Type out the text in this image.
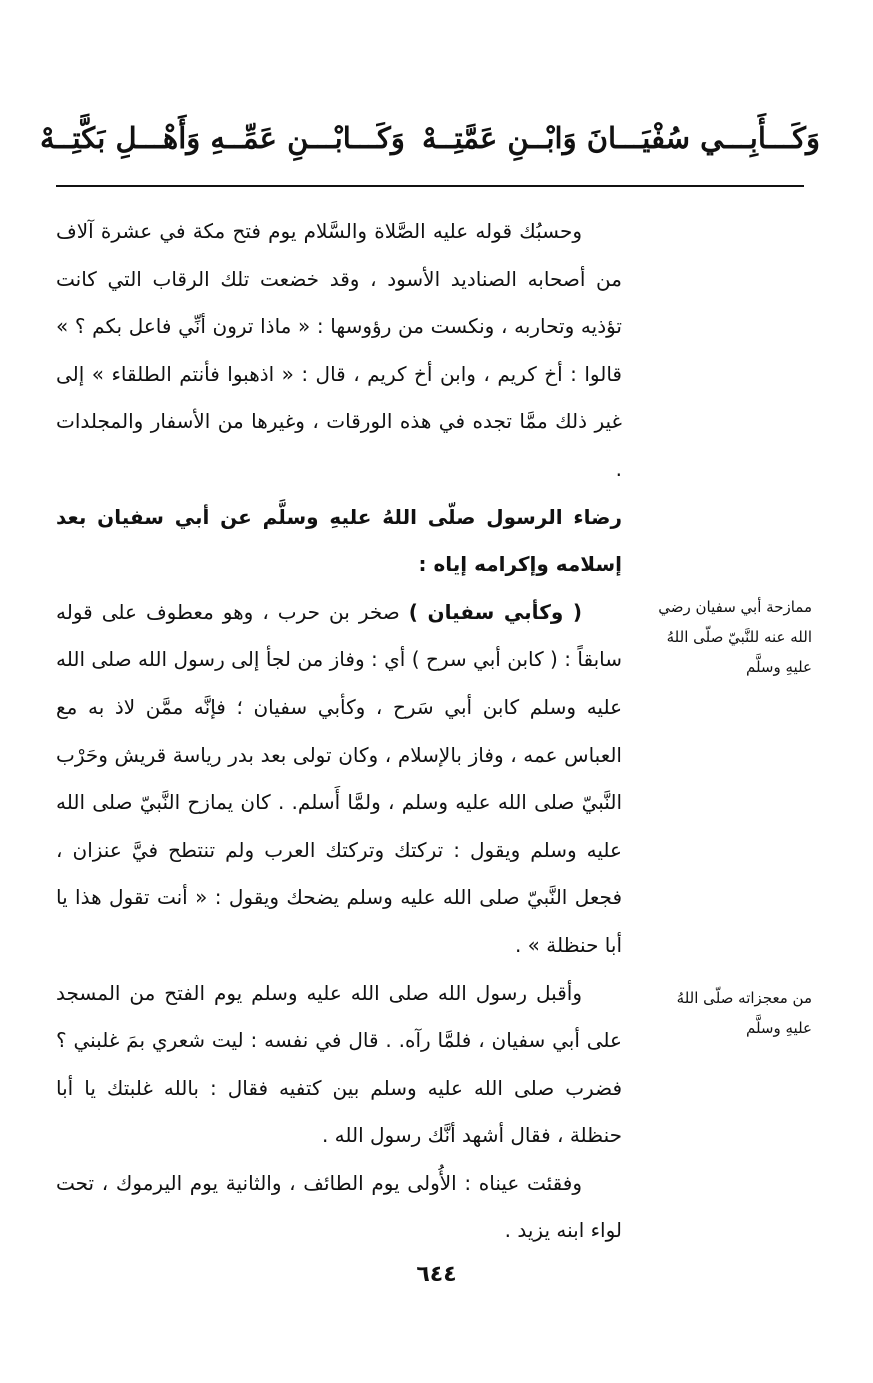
وَكَـــأَبِـــي سُفْيَـــانَ وَابْــنِ عَمَّتِــهْ
وَكَـــابْـــنِ عَمِّــهِ وَأَهْـــلِ بَكَّتِــهْ

وحسبُك قوله عليه الصَّلاة والسَّلام يوم فتح مكة في عشرة آلاف من أصحابه الصناديد الأسود ، وقد خضعت تلك الرقاب التي كانت تؤذيه وتحاربه ، ونكست من رؤوسها : « ماذا ترون أنِّي فاعل بكم ؟ » قالوا : أخ كريم ، وابن أخ كريم ، قال : « اذهبوا فأنتم الطلقاء » إلى غير ذلك ممَّا تجده في هذه الورقات ، وغيرها من الأسفار والمجلدات .

رضاء الرسول صلّى اللهُ عليهِ وسلَّم عن أبي سفيان بعد إسلامه وإكرامه إياه :

( وكأبي سفيان ) صخر بن حرب ، وهو معطوف على قوله سابقاً : ( كابن أبي سرح ) أي : وفاز من لجأ إلى رسول الله صلى الله عليه وسلم كابن أبي سَرح ، وكأبي سفيان ؛ فإنَّه ممَّن لاذ به مع العباس عمه ، وفاز بالإسلام ، وكان تولى بعد بدر رياسة قريش وحَرْب النَّبيّ صلى الله عليه وسلم ، ولمَّا أَسلم. . كان يمازح النَّبيّ صلى الله عليه وسلم ويقول : تركتك وتركتك العرب ولم تنتطح فيَّ عنزان ، فجعل النَّبيّ صلى الله عليه وسلم يضحك ويقول : « أنت تقول هذا يا أبا حنظلة » .

وأقبل رسول الله صلى الله عليه وسلم يوم الفتح من المسجد على أبي سفيان ، فلمَّا رآه. . قال في نفسه : ليت شعري بمَ غلبني ؟ فضرب صلى الله عليه وسلم بين كتفيه فقال : بالله غلبتك يا أبا حنظلة ، فقال أشهد أنَّك رسول الله .

وفقئت عيناه : الأُولى يوم الطائف ، والثانية يوم اليرموك ، تحت لواء ابنه يزيد .

ممازحة أبي سفيان رضي الله عنه للنَّبيّ صلّى اللهُ عليهِ وسلَّم
من معجزاته صلّى اللهُ عليهِ وسلَّم
٦٤٤
